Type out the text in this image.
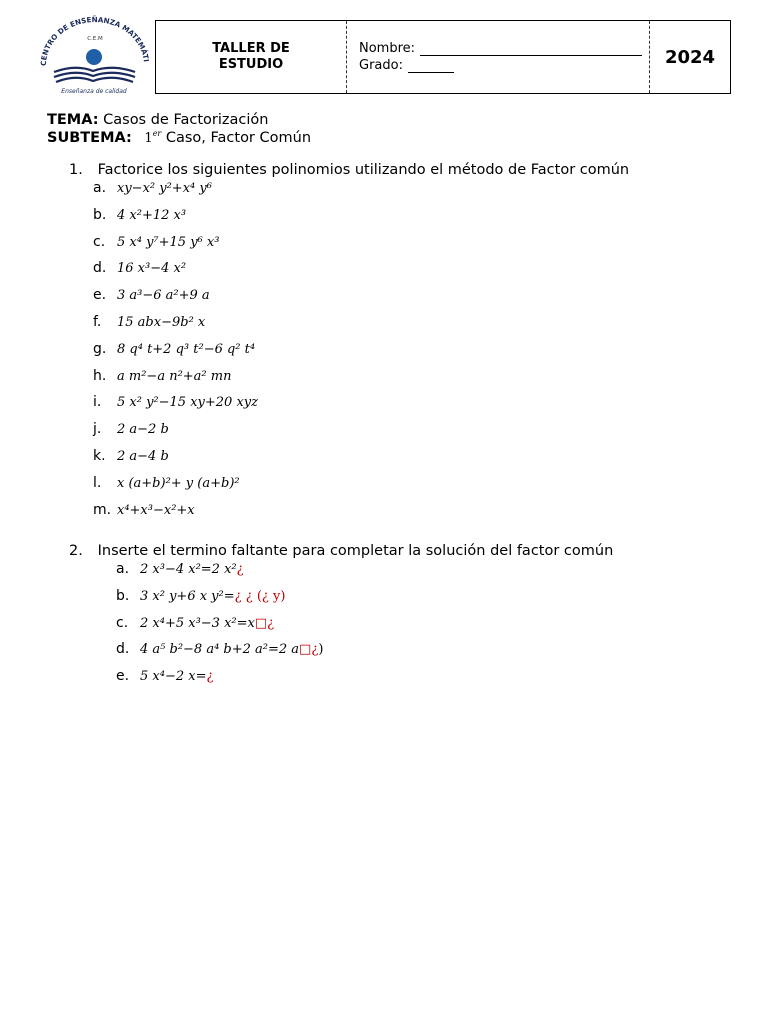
CENTRO DE ENSEÑANZA MATEMÁTI
C.E.M
Enseñanza de calidad
TALLER DE
ESTUDIO
Nombre:
Grado:	2024
TEMA: Casos de Factorización
SUBTEMA: 1er Caso, Factor Común
1. Factorice los siguientes polinomios utilizando el método de Factor común
a. xy−x² y²+x⁴ y⁶
b. 4 x²+12 x³
c. 5 x⁴ y⁷+15 y⁶ x³
d. 16 x³−4 x²
e. 3 a³−6 a²+9 a
f.	15 abx−9b² x
g. 8 q⁴ t+2 q³ t²−6 q² t⁴
h. a m²−a n²+a² mn
i.	5 x² y²−15 xy+20 xyz
j.	2 a−2 b
k. 2 a−4 b
l.	x (a+b)²+ y (a+b)²
m. x⁴+x³−x²+x
2. Inserte el termino faltante para completar la solución del factor común
a. 2 x³−4 x²=2 x² ¿
b. 3 x² y+6 x y²= ¿ ¿ (¿ y)
c. 2 x⁴+5 x³−3 x²=x □¿
d. 4 a⁵ b²−8 a⁴ b+2 a²=2 a □¿ )
e. 5 x⁴−2 x= ¿
